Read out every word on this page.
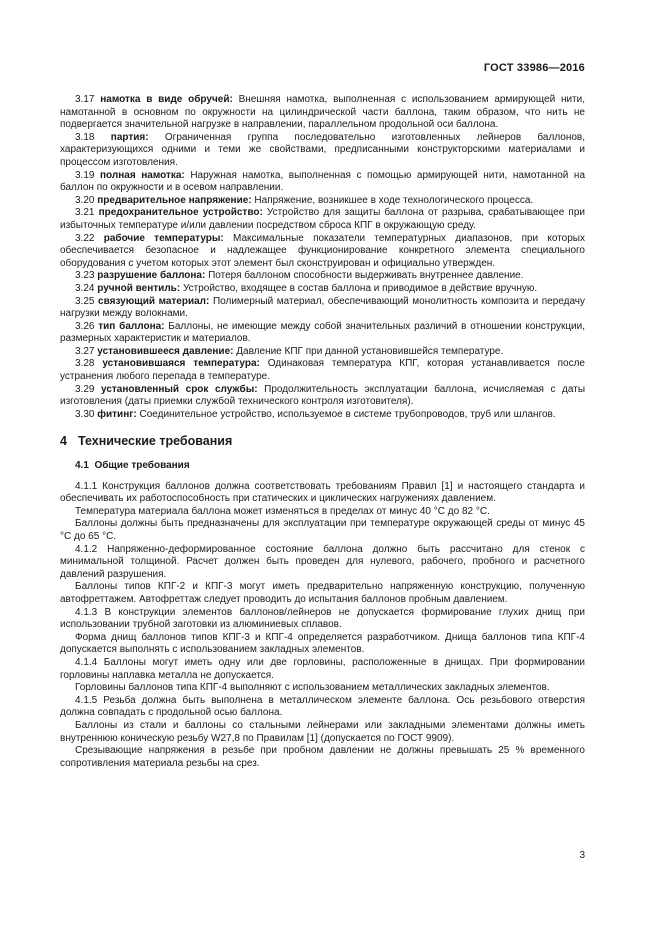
ГОСТ 33986—2016

3.17 намотка в виде обручей: Внешняя намотка, выполненная с использованием армирующей нити, намотанной в основном по окружности на цилиндрической части баллона, таким образом, что нить не подвергается значительной нагрузке в направлении, параллельном продольной оси баллона.

3.18 партия: Ограниченная группа последовательно изготовленных лейнеров баллонов, характеризующихся одними и теми же свойствами, предписанными конструкторскими материалами и процессом изготовления.

3.19 полная намотка: Наружная намотка, выполненная с помощью армирующей нити, намотанной на баллон по окружности и в осевом направлении.

3.20 предварительное напряжение: Напряжение, возникшее в ходе технологического процесса.

3.21 предохранительное устройство: Устройство для защиты баллона от разрыва, срабатывающее при избыточных температуре и/или давлении посредством сброса КПГ в окружающую среду.

3.22 рабочие температуры: Максимальные показатели температурных диапазонов, при которых обеспечивается безопасное и надлежащее функционирование конкретного элемента специального оборудования с учетом которых этот элемент был сконструирован и официально утвержден.

3.23 разрушение баллона: Потеря баллоном способности выдерживать внутреннее давление.

3.24 ручной вентиль: Устройство, входящее в состав баллона и приводимое в действие вручную.

3.25 связующий материал: Полимерный материал, обеспечивающий монолитность композита и передачу нагрузки между волокнами.

3.26 тип баллона: Баллоны, не имеющие между собой значительных различий в отношении конструкции, размерных характеристик и материалов.

3.27 установившееся давление: Давление КПГ при данной установившейся температуре.

3.28 установившаяся температура: Одинаковая температура КПГ, которая устанавливается после устранения любого перепада в температуре.

3.29 установленный срок службы: Продолжительность эксплуатации баллона, исчисляемая с даты изготовления (даты приемки службой технического контроля изготовителя).

3.30 фитинг: Соединительное устройство, используемое в системе трубопроводов, труб или шлангов.

4 Технические требования
4.1 Общие требования

4.1.1 Конструкция баллонов должна соответствовать требованиям Правил [1] и настоящего стандарта и обеспечивать их работоспособность при статических и циклических нагружениях давлением.

Температура материала баллона может изменяться в пределах от минус 40 °С до 82 °С.

Баллоны должны быть предназначены для эксплуатации при температуре окружающей среды от минус 45 °С до 65 °С.

4.1.2 Напряженно-деформированное состояние баллона должно быть рассчитано для стенок с минимальной толщиной. Расчет должен быть проведен для нулевого, рабочего, пробного и расчетного давлений разрушения.

Баллоны типов КПГ-2 и КПГ-3 могут иметь предварительно напряженную конструкцию, полученную автофреттажем. Автофреттаж следует проводить до испытания баллонов пробным давлением.

4.1.3 В конструкции элементов баллонов/лейнеров не допускается формирование глухих днищ при использовании трубной заготовки из алюминиевых сплавов.

Форма днищ баллонов типов КПГ-3 и КПГ-4 определяется разработчиком. Днища баллонов типа КПГ-4 допускается выполнять с использованием закладных элементов.

4.1.4 Баллоны могут иметь одну или две горловины, расположенные в днищах. При формировании горловины наплавка металла не допускается.

Горловины баллонов типа КПГ-4 выполняют с использованием металлических закладных элементов.

4.1.5 Резьба должна быть выполнена в металлическом элементе баллона. Ось резьбового отверстия должна совпадать с продольной осью баллона.

Баллоны из стали и баллоны со стальными лейнерами или закладными элементами должны иметь внутреннюю коническую резьбу W27,8 по Правилам [1] (допускается по ГОСТ 9909).

Срезывающие напряжения в резьбе при пробном давлении не должны превышать 25 % временного сопротивления материала резьбы на срез.

3
